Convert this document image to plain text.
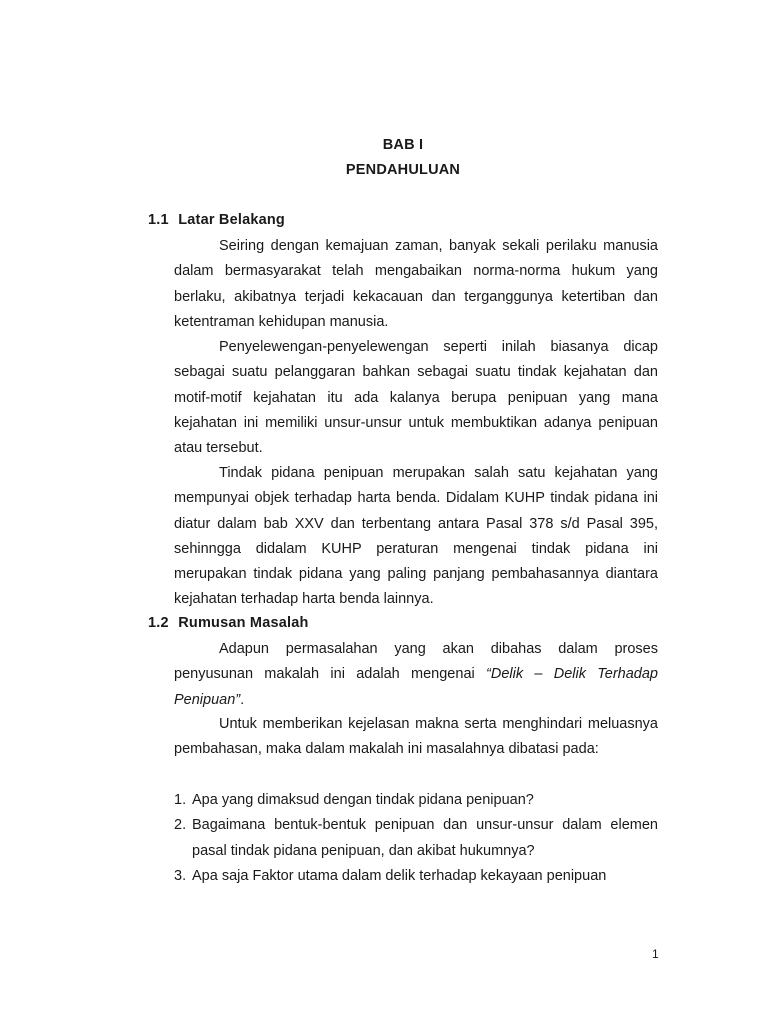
BAB I
PENDAHULUAN
1.1 Latar Belakang

Seiring dengan kemajuan zaman, banyak sekali perilaku manusia dalam bermasyarakat telah mengabaikan norma-norma hukum yang berlaku, akibatnya terjadi kekacauan dan terganggunya ketertiban dan ketentraman kehidupan manusia.

Penyelewengan-penyelewengan seperti inilah biasanya dicap sebagai suatu pelanggaran bahkan sebagai suatu tindak kejahatan dan motif-motif kejahatan itu ada kalanya berupa penipuan yang mana kejahatan ini memiliki unsur-unsur untuk membuktikan adanya penipuan atau tersebut.

Tindak pidana penipuan merupakan salah satu kejahatan yang mempunyai objek terhadap harta benda. Didalam KUHP tindak pidana ini diatur dalam bab XXV dan terbentang antara Pasal 378 s/d Pasal 395, sehinngga didalam KUHP peraturan mengenai tindak pidana ini merupakan tindak pidana yang paling panjang pembahasannya diantara kejahatan terhadap harta benda lainnya.

1.2 Rumusan Masalah

Adapun permasalahan yang akan dibahas dalam proses penyusunan makalah ini adalah mengenai “Delik – Delik Terhadap Penipuan”.

Untuk memberikan kejelasan makna serta menghindari meluasnya pembahasan, maka dalam makalah ini masalahnya dibatasi pada:

1. Apa yang dimaksud dengan tindak pidana penipuan?
2. Bagaimana bentuk-bentuk penipuan dan unsur-unsur dalam elemen pasal tindak pidana penipuan, dan akibat hukumnya?
3. Apa saja Faktor utama dalam delik terhadap kekayaan penipuan
1
